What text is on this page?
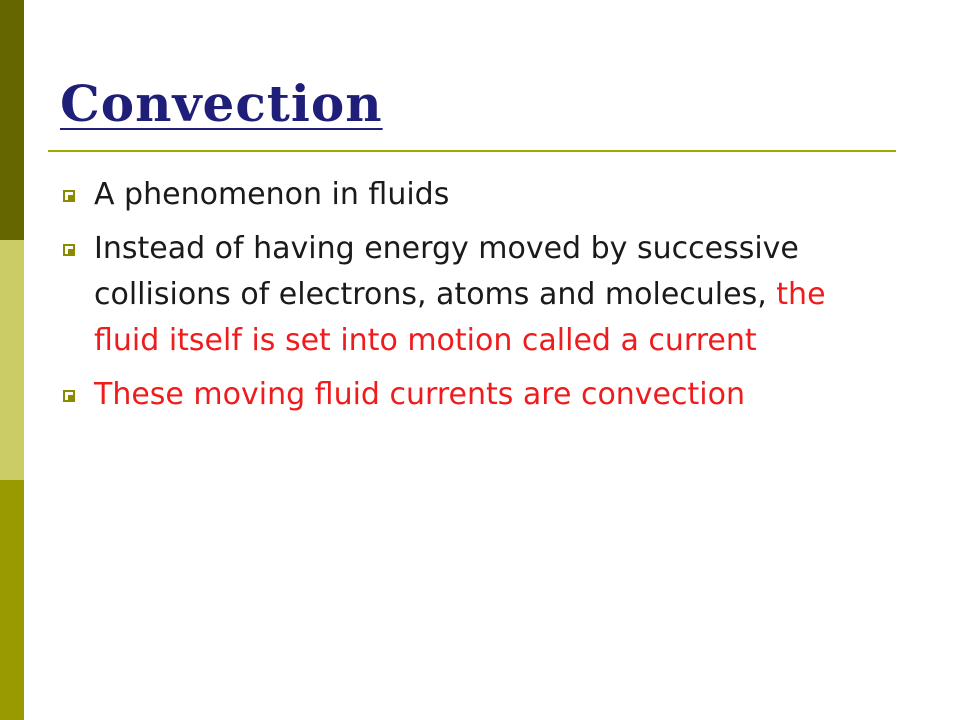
Convection
A phenomenon in fluids
Instead of having energy moved by successive collisions of electrons, atoms and molecules, the fluid itself is set into motion called a current
These moving fluid currents are convection
